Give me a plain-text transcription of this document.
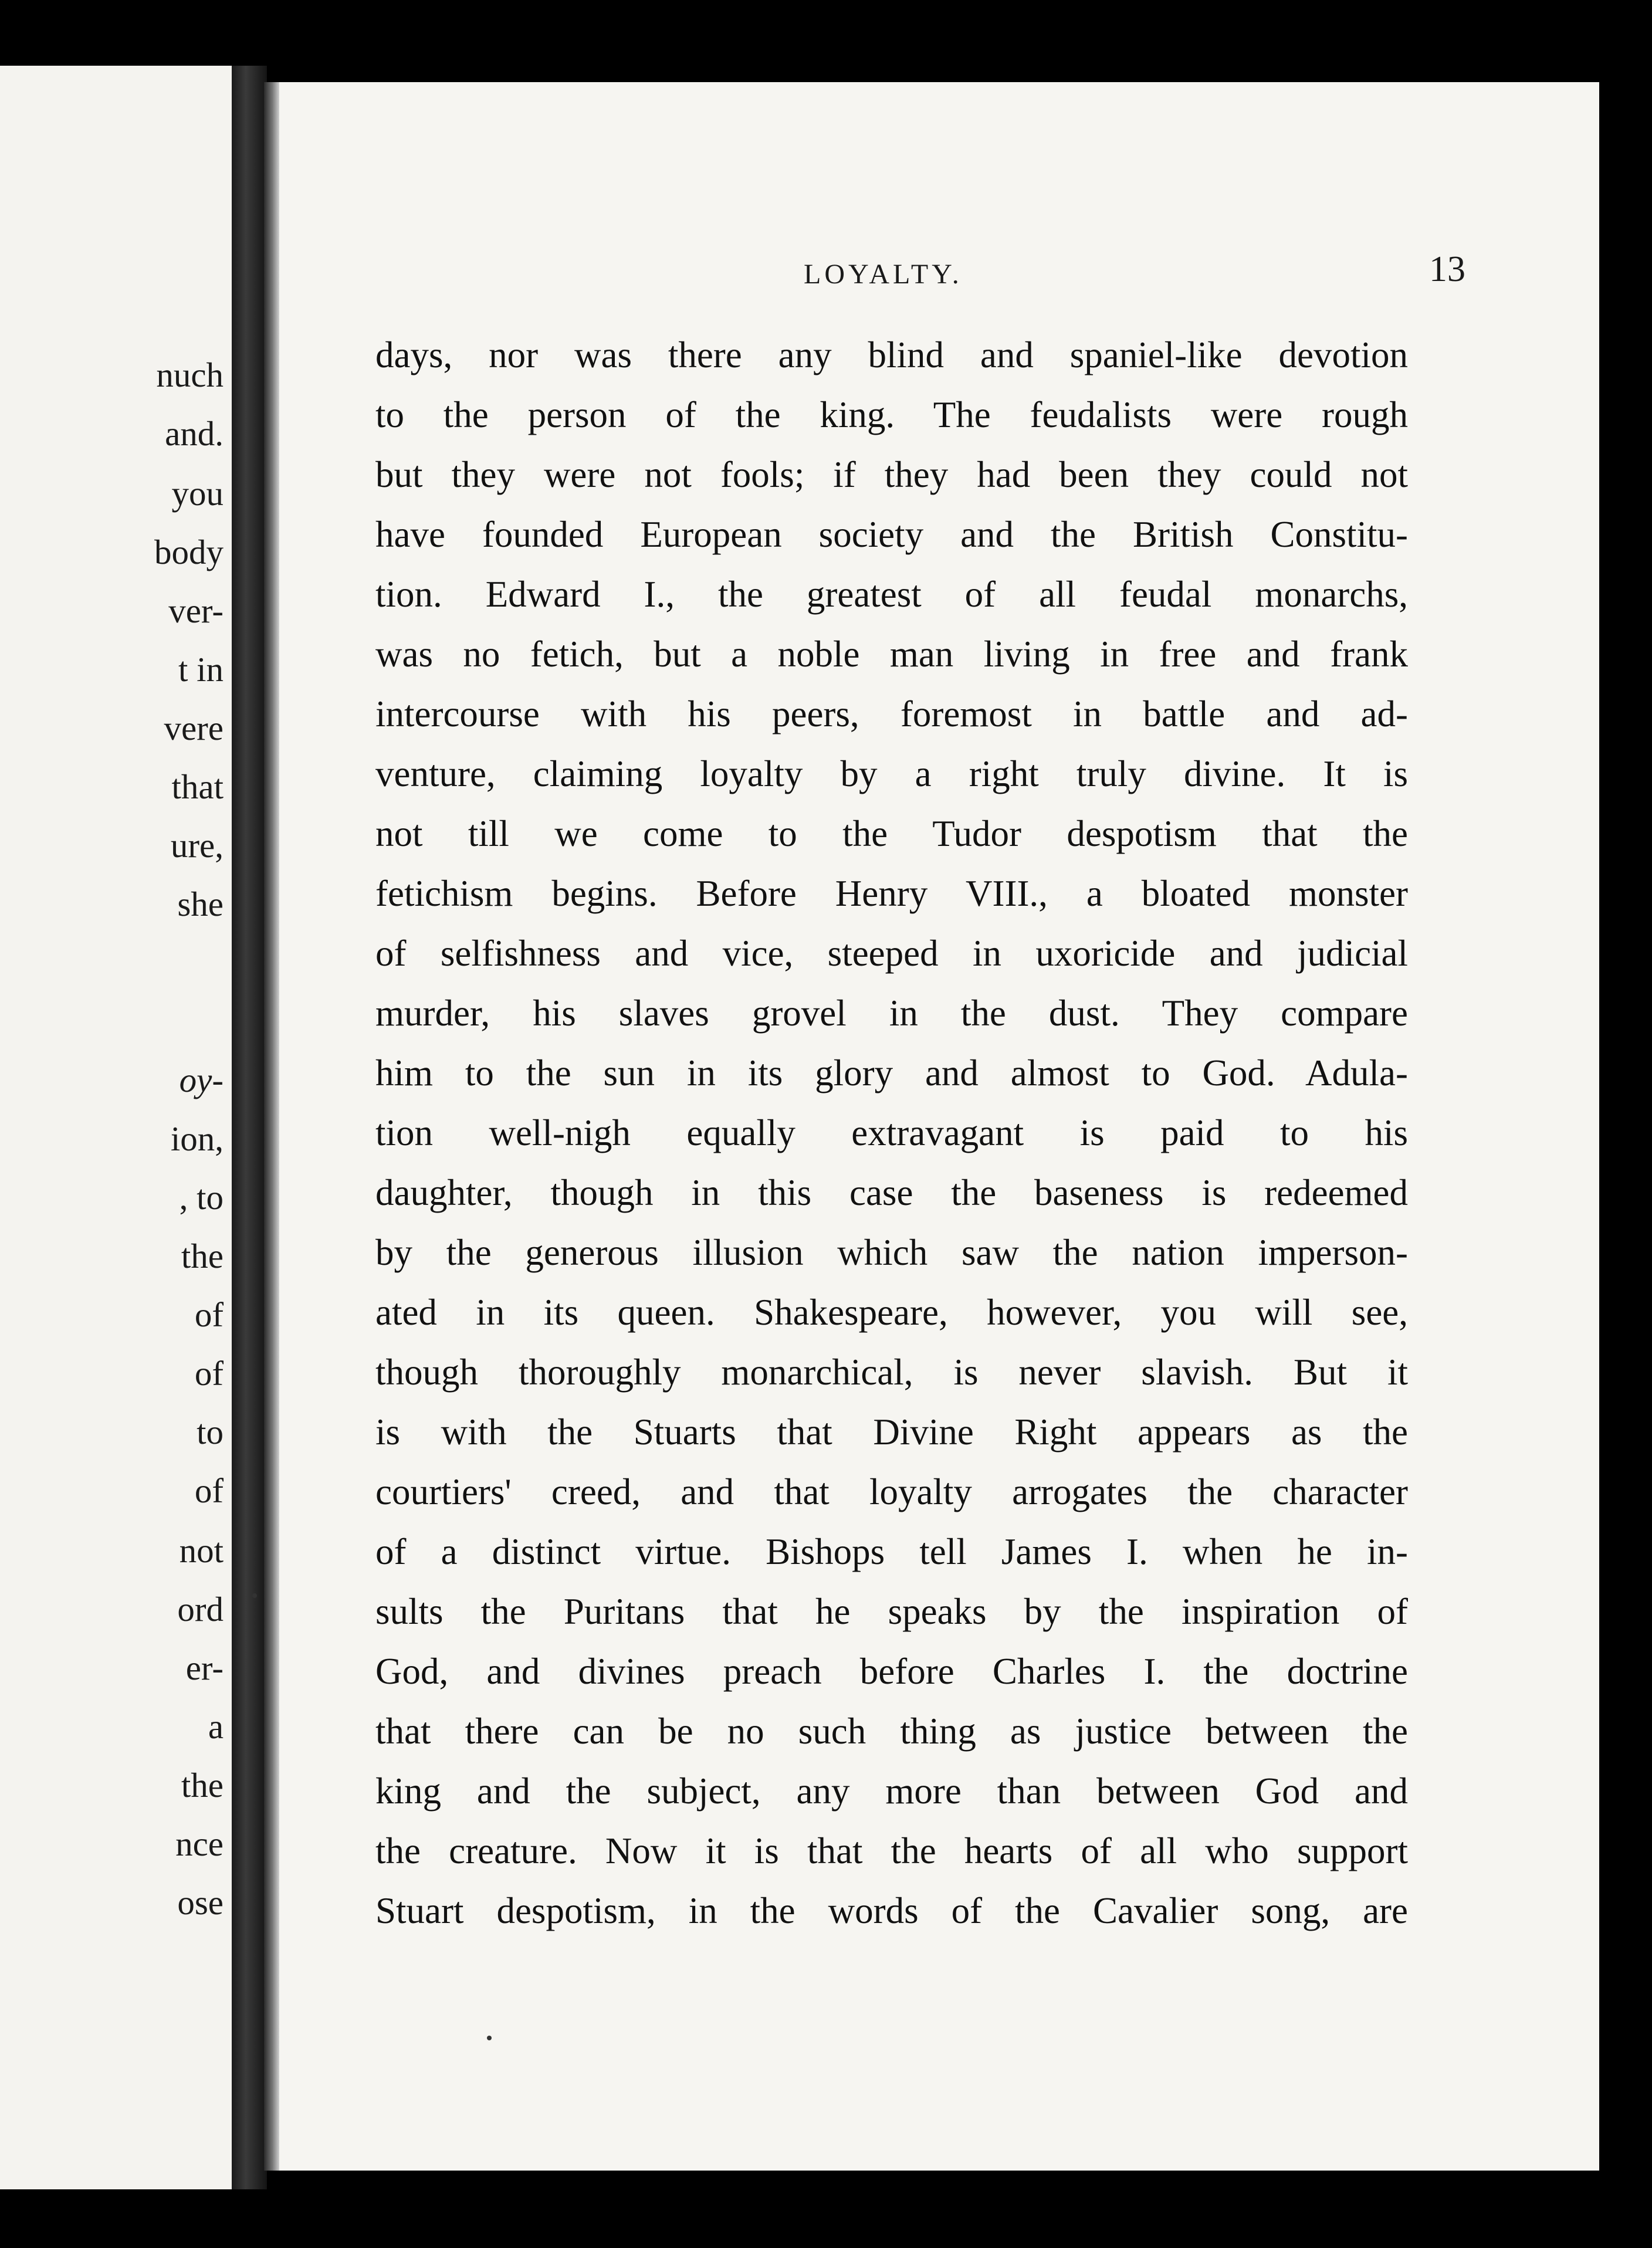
nuch
and.
you
body
ver-
t in
vere
that
ure,
she
oy-
ion,
, to
the
of
of
to
of
not
ord
er-
a
the
nce
ose
LOYALTY.	13
days, nor was there any blind and spaniel-like devotion
to the person of the king. The feudalists were rough
but they were not fools; if they had been they could not
have founded European society and the British Constitu-
tion. Edward I., the greatest of all feudal monarchs,
was no fetich, but a noble man living in free and frank
intercourse with his peers, foremost in battle and ad-
venture, claiming loyalty by a right truly divine. It is
not till we come to the Tudor despotism that the
fetichism begins. Before Henry VIII., a bloated monster
of selfishness and vice, steeped in uxoricide and judicial
murder, his slaves grovel in the dust. They compare
him to the sun in its glory and almost to God. Adula-
tion well-nigh equally extravagant is paid to his
daughter, though in this case the baseness is redeemed
by the generous illusion which saw the nation imperson-
ated in its queen. Shakespeare, however, you will see,
though thoroughly monarchical, is never slavish. But it
is with the Stuarts that Divine Right appears as the
courtiers' creed, and that loyalty arrogates the character
of a distinct virtue. Bishops tell James I. when he in-
sults the Puritans that he speaks by the inspiration of
God, and divines preach before Charles I. the doctrine
that there can be no such thing as justice between the
king and the subject, any more than between God and
the creature. Now it is that the hearts of all who support
Stuart despotism, in the words of the Cavalier song, are
